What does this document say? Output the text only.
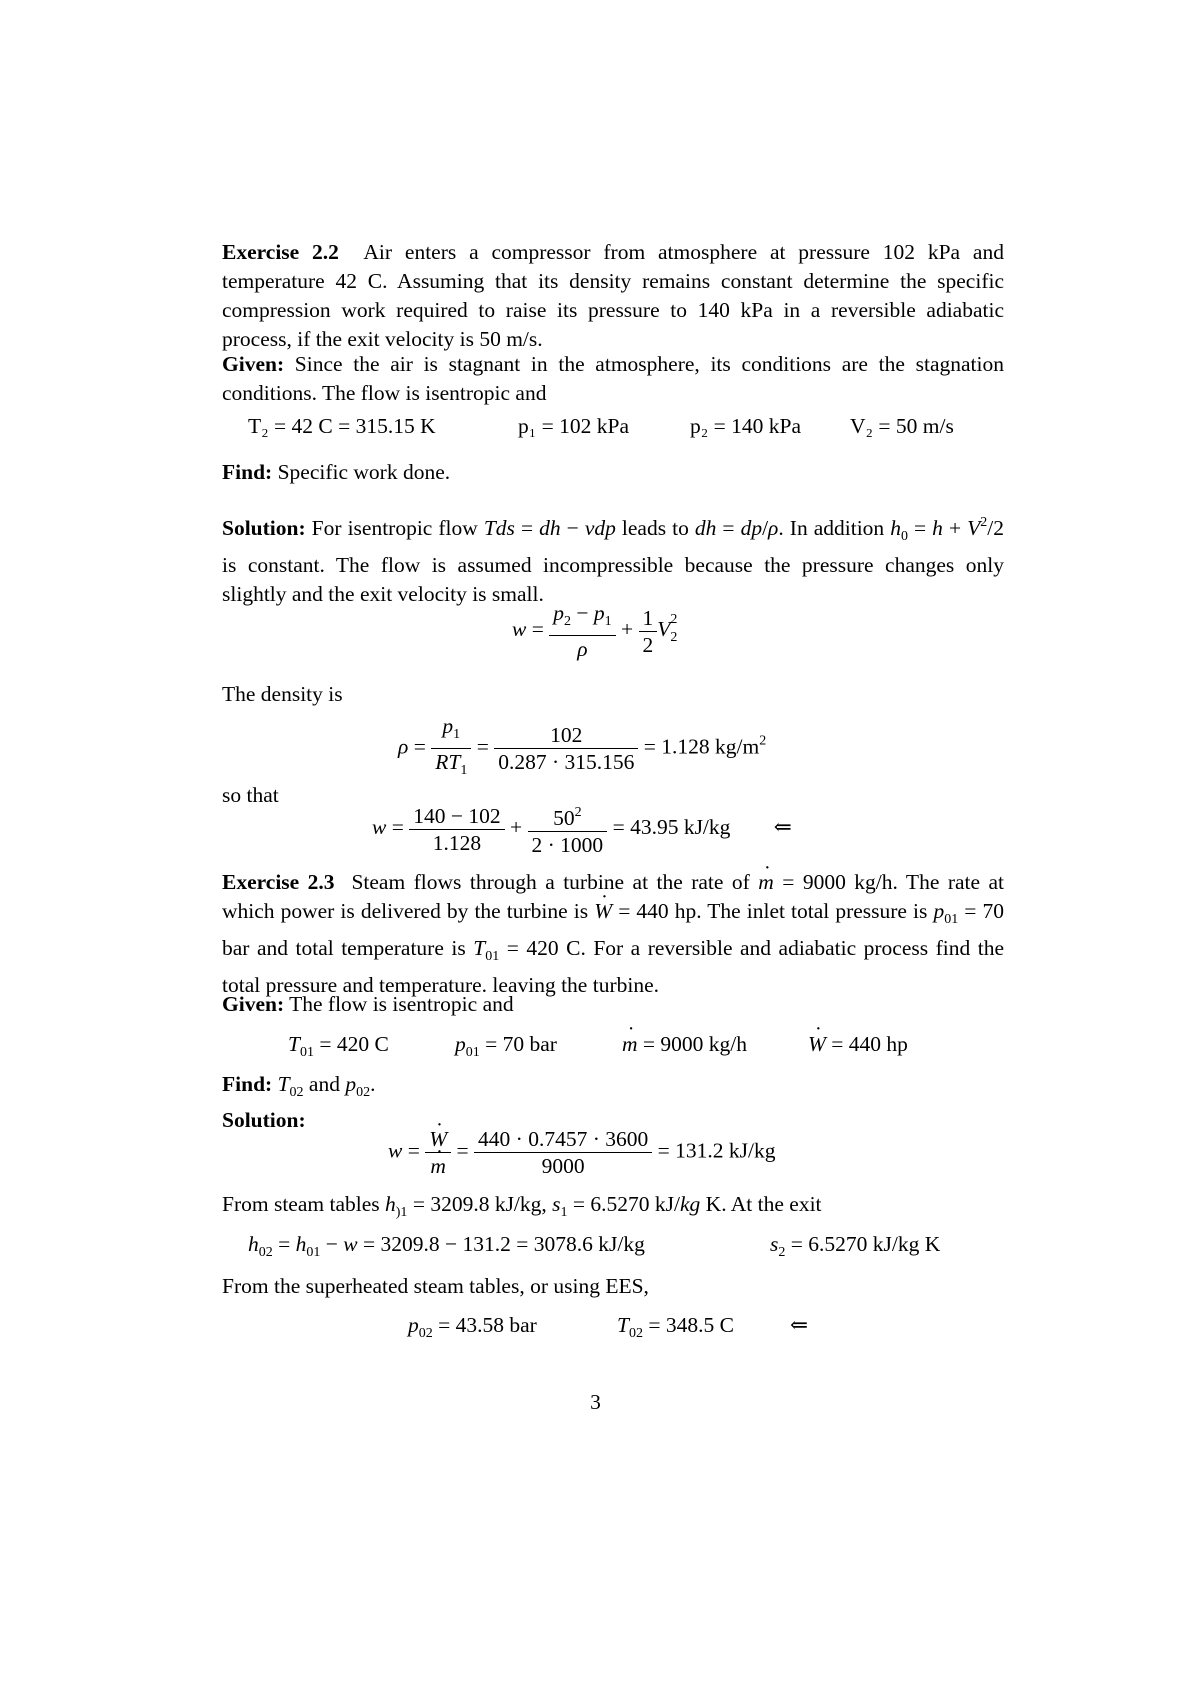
Exercise 2.2 Air enters a compressor from atmosphere at pressure 102 kPa and temperature 42 C. Assuming that its density remains constant determine the specific compression work required to raise its pressure to 140 kPa in a reversible adiabatic process, if the exit velocity is 50 m/s.

Given: Since the air is stagnant in the atmosphere, its conditions are the stagnation conditions. The flow is isentropic and

T₂ = 42 C = 315.15 K	p₁ = 102 kPa	p₂ = 140 kPa V₂ = 50 m/s

Find: Specific work done.

Solution: For isentropic flow Tds = dh − vdp leads to dh = dp/ρ. In addition $h_0 = h + V^2/2$ is constant. The flow is assumed incompressible because the pressure changes only slightly and the exit velocity is small.

$w = \frac{p_2 - p_1}{\rho} + \frac{1}{2}$ V $_{2 2}$

The density is

$\rho = \frac{p_1}{RT_1} = \frac{102}{0.287 \cdot 315.156} = 1.128$ $kg/m^2$

so that

$w = \frac{140 - 102}{1.128} + \frac{50^2}{2 \cdot 1000} = 43.95$ kJ/kg ⇐

Exercise 2.3 Steam flows through a turbine at the rate of · m = 9000 kg/h. The rate at which power is delivered by the turbine is · W = 440 hp. The inlet total pressure is $p_{01} = 70$ bar and total temperature is $T_{01} = 420$ C. For a reversible and adiabatic process find the total pressure and temperature. leaving the turbine.

Given: The flow is isentropic and

$T_{01} = 420$ C	$p_{01} = 70$ bar	· m = 9000 kg/h	· W = 440 hp

Find: $T_{02}$ and $p_{02}$.

Solution:

w = · W
· $m = \frac{440 \cdot 0.7457 \cdot 3600}{9000} = 131.2$ kJ/kg

From steam tables $h_{)1} = 3209.8$ kJ/kg, $s_1 = 6.5270$ kJ/kg K. At the exit

$h_{02} = h_{01} - w = 3209.8 - 131.2 = 3078.6$ kJ/kg	$s_2 = 6.5270$ kJ/kg K

From the superheated steam tables, or using EES,

$p_{02} = 43.58$ bar	$T_{02} = 348.5$ C	⇐
3
